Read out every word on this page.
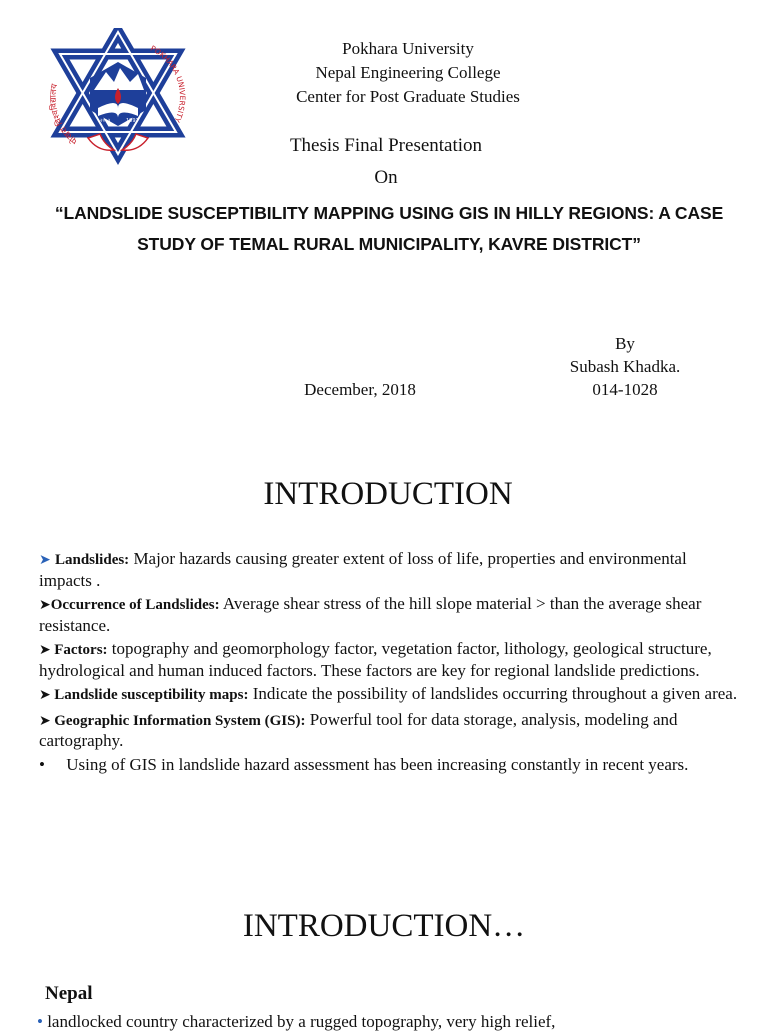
पोखरा विश्वविद्यालय
POKHARA UNIVERSITY
२०५३	1997
Pokhara University
Nepal Engineering College
Center for Post Graduate Studies
Thesis Final Presentation
On
“LANDSLIDE SUSCEPTIBILITY MAPPING USING GIS IN HILLY REGIONS: A CASE
STUDY OF TEMAL RURAL MUNICIPALITY, KAVRE DISTRICT”
By
Subash Khadka.
014-1028
December, 2018
INTRODUCTION
➤ Landslides: Major hazards causing greater extent of loss of life, properties and environmental impacts .
➤Occurrence of Landslides: Average shear stress of the hill slope material > than the average shear resistance.
➤ Factors: topography and geomorphology factor, vegetation factor, lithology, geological structure, hydrological and human induced factors. These factors are key for regional landslide predictions.
➤ Landslide susceptibility maps: Indicate the possibility of landslides occurring throughout a given area.
➤ Geographic Information System (GIS): Powerful tool for data storage, analysis, modeling and cartography.
•     Using of GIS in landslide hazard assessment has been increasing constantly in recent years.
INTRODUCTION…
Nepal
• landlocked country characterized by a rugged topography, very high relief,
